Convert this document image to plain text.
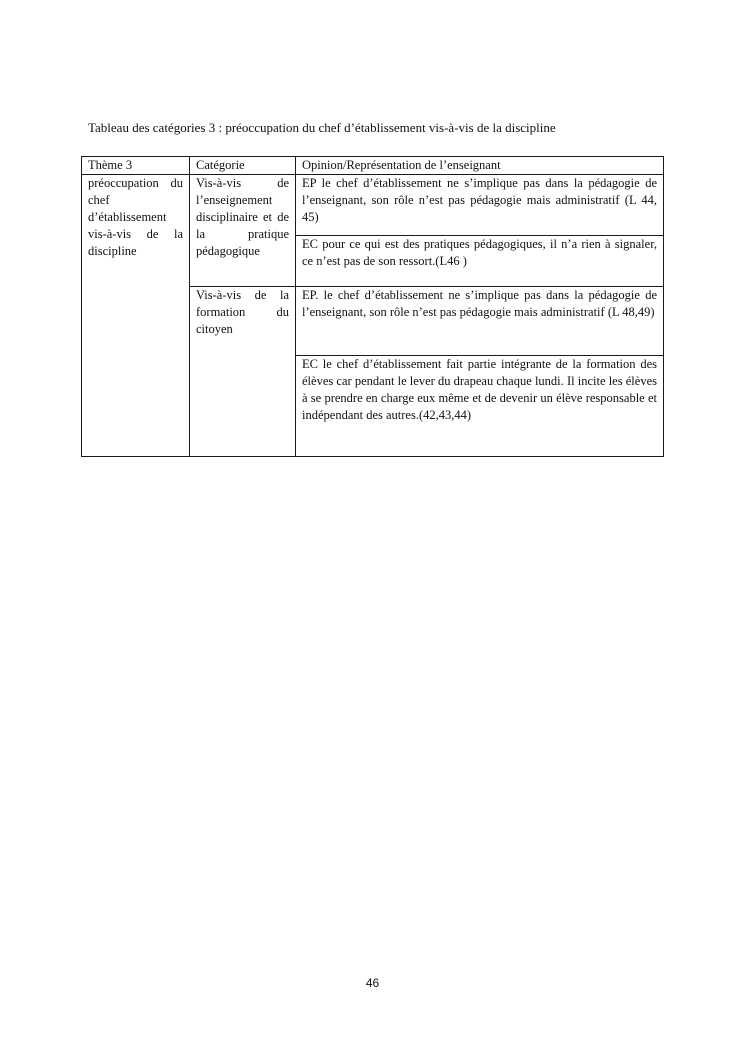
Tableau des catégories 3 : préoccupation du chef d’établissement vis-à-vis de la discipline
Thème 3	Catégorie	Opinion/Représentation de l’enseignant
préoccupation du chef d’établissement vis-à-vis de la discipline	Vis-à-vis de l’enseignement disciplinaire et de la pratique pédagogique	EP le chef d’établissement ne s’implique pas dans la pédagogie de l’enseignant, son rôle n’est pas pédagogie mais administratif (L 44, 45)
		EC pour ce qui est des pratiques pédagogiques, il n’a rien à signaler, ce n’est pas de son ressort.(L46 )
	Vis-à-vis de la formation du citoyen	EP. le chef d’établissement ne s’implique pas dans la pédagogie de l’enseignant, son rôle n’est pas pédagogie mais administratif (L 48,49)
		EC le chef d’établissement fait partie intégrante de la formation des élèves car pendant le lever du drapeau chaque lundi. Il incite les élèves à se prendre en charge eux même et de devenir un élève responsable et indépendant des autres.(42,43,44)
46
